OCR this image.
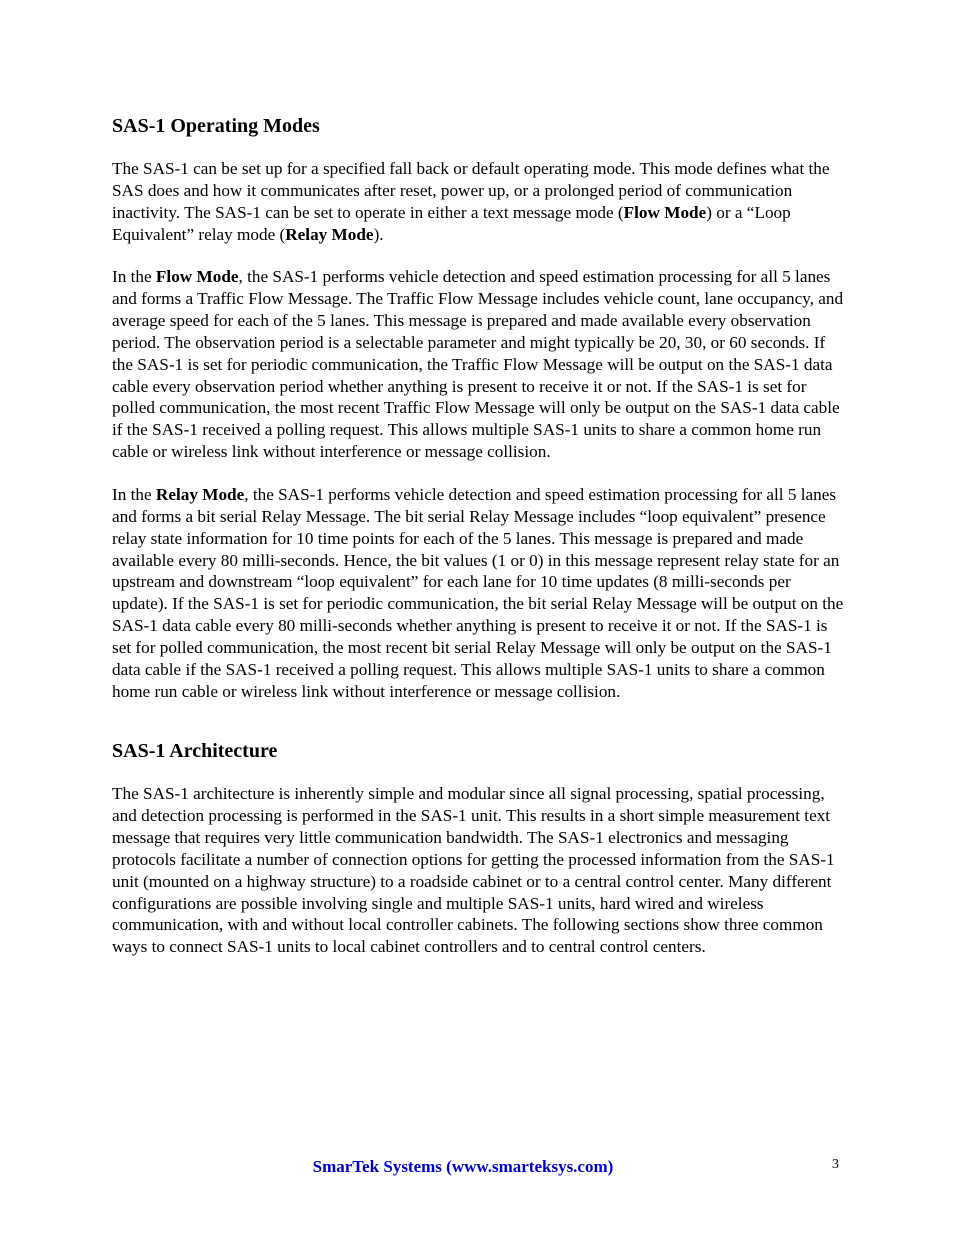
SAS-1 Operating Modes

The SAS-1 can be set up for a specified fall back or default operating mode. This mode defines what the SAS does and how it communicates after reset, power up, or a prolonged period of communication inactivity. The SAS-1 can be set to operate in either a text message mode (Flow Mode) or a “Loop Equivalent” relay mode (Relay Mode).

In the Flow Mode, the SAS-1 performs vehicle detection and speed estimation processing for all 5 lanes and forms a Traffic Flow Message. The Traffic Flow Message includes vehicle count, lane occupancy, and average speed for each of the 5 lanes. This message is prepared and made available every observation period. The observation period is a selectable parameter and might typically be 20, 30, or 60 seconds. If the SAS-1 is set for periodic communication, the Traffic Flow Message will be output on the SAS-1 data cable every observation period whether anything is present to receive it or not. If the SAS-1 is set for polled communication, the most recent Traffic Flow Message will only be output on the SAS-1 data cable if the SAS-1 received a polling request. This allows multiple SAS-1 units to share a common home run cable or wireless link without interference or message collision.

In the Relay Mode, the SAS-1 performs vehicle detection and speed estimation processing for all 5 lanes and forms a bit serial Relay Message. The bit serial Relay Message includes “loop equivalent” presence relay state information for 10 time points for each of the 5 lanes. This message is prepared and made available every 80 milli-seconds. Hence, the bit values (1 or 0) in this message represent relay state for an upstream and downstream “loop equivalent” for each lane for 10 time updates (8 milli-seconds per update). If the SAS-1 is set for periodic communication, the bit serial Relay Message will be output on the SAS-1 data cable every 80 milli-seconds whether anything is present to receive it or not. If the SAS-1 is set for polled communication, the most recent bit serial Relay Message will only be output on the SAS-1 data cable if the SAS-1 received a polling request. This allows multiple SAS-1 units to share a common home run cable or wireless link without interference or message collision.

SAS-1 Architecture

The SAS-1 architecture is inherently simple and modular since all signal processing, spatial processing, and detection processing is performed in the SAS-1 unit. This results in a short simple measurement text message that requires very little communication bandwidth. The SAS-1 electronics and messaging protocols facilitate a number of connection options for getting the processed information from the SAS-1 unit (mounted on a highway structure) to a roadside cabinet or to a central control center. Many different configurations are possible involving single and multiple SAS-1 units, hard wired and wireless communication, with and without local controller cabinets. The following sections show three common ways to connect SAS-1 units to local cabinet controllers and to central control centers.

SmarTek Systems (www.smarteksys.com)	3
